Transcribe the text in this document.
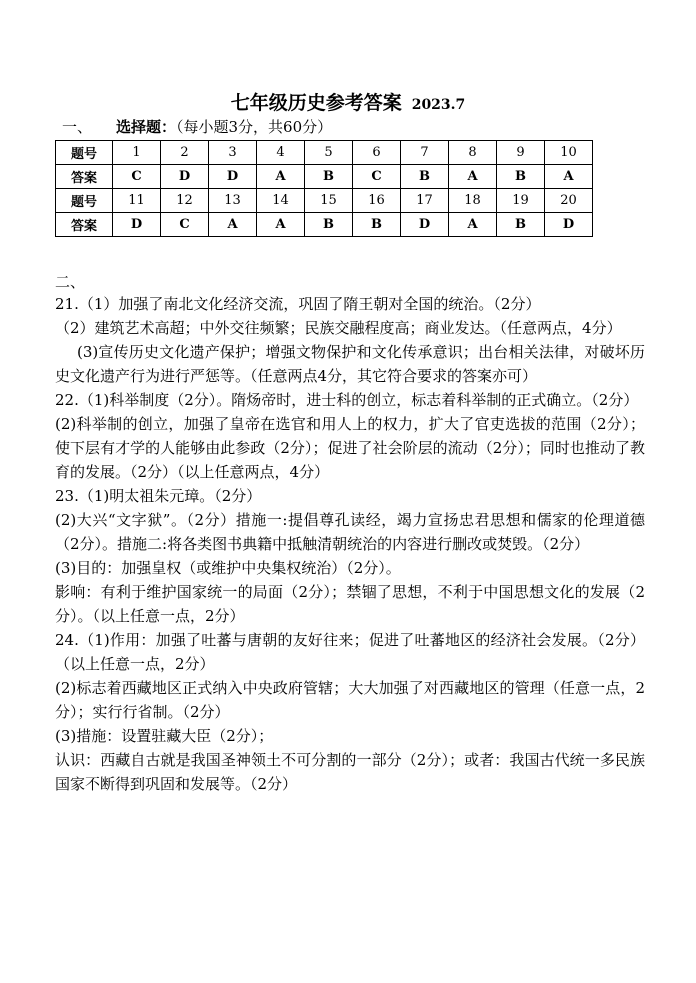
七年级历史参考答案 2023.7
一、 选择题：（每小题3分，共60分）
题号	1	2	3	4	5	6	7	8	9	10
答案	C	D	D	A	B	C	B	A	B	A
题号	11	12	13	14	15	16	17	18	19	20
答案	D	C	A	A	B	B	D	A	B	D
二、

21.（1）加强了南北文化经济交流，巩固了隋王朝对全国的统治。（2分）

（2）建筑艺术高超；中外交往频繁；民族交融程度高；商业发达。（任意两点，4分）

(3)宣传历史文化遗产保护；增强文物保护和文化传承意识；出台相关法律，对破坏历史文化遗产行为进行严惩等。（任意两点4分，其它符合要求的答案亦可）

22.（1)科举制度（2分）。隋炀帝时，进士科的创立，标志着科举制的正式确立。（2分）

(2)科举制的创立，加强了皇帝在选官和用人上的权力，扩大了官吏选拔的范围（2分）；使下层有才学的人能够由此参政（2分）；促进了社会阶层的流动（2分）；同时也推动了教育的发展。（2分）（以上任意两点，4分）

23.（1)明太祖朱元璋。（2分）

(2)大兴“文字狱”。（2分）措施一:提倡尊孔读经，竭力宣扬忠君思想和儒家的伦理道德（2分）。措施二:将各类图书典籍中抵触清朝统治的内容进行删改或焚毁。（2分）

(3)目的：加强皇权（或维护中央集权统治）（2分）。

影响：有利于维护国家统一的局面（2分）；禁锢了思想，不利于中国思想文化的发展（2分）。（以上任意一点，2分）

24.（1)作用：加强了吐蕃与唐朝的友好往来；促进了吐蕃地区的经济社会发展。（2分）（以上任意一点，2分）

(2)标志着西藏地区正式纳入中央政府管辖；大大加强了对西藏地区的管理（任意一点，2分）；实行行省制。（2分）

(3)措施：设置驻藏大臣（2分）；

认识：西藏自古就是我国圣神领土不可分割的一部分（2分）；或者：我国古代统一多民族国家不断得到巩固和发展等。（2分）
